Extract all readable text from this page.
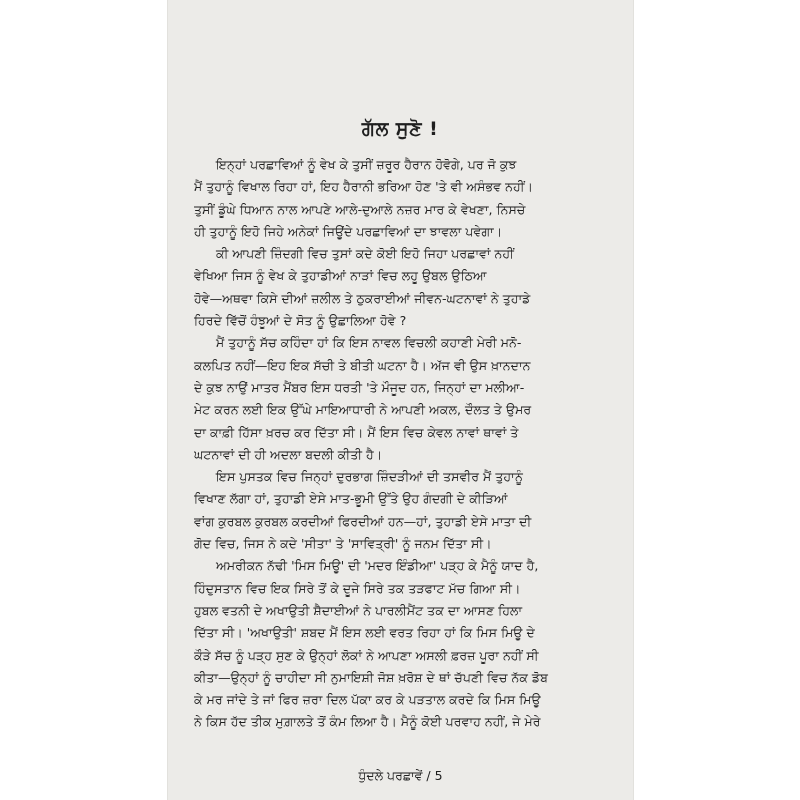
ਗੱਲ ਸੁਣੋ !
ਇਨ੍ਹਾਂ ਪਰਛਾਵਿਆਂ ਨੂੰ ਵੇਖ ਕੇ ਤੁਸੀਂ ਜ਼ਰੂਰ ਹੈਰਾਨ ਹੋਵੋਗੇ, ਪਰ ਜੋ ਕੁਝ
ਮੈਂ ਤੁਹਾਨੂੰ ਵਿਖਾਲ ਰਿਹਾ ਹਾਂ, ਇਹ ਹੈਰਾਨੀ ਭਰਿਆ ਹੋਣ 'ਤੇ ਵੀ ਅਸੰਭਵ ਨਹੀਂ।
ਤੁਸੀਂ ਡੂੰਘੇ ਧਿਆਨ ਨਾਲ ਆਪਣੇ ਆਲੇ-ਦੁਆਲੇ ਨਜ਼ਰ ਮਾਰ ਕੇ ਵੇਖਣਾ, ਨਿਸਚੇ
ਹੀ ਤੁਹਾਨੂੰ ਇਹੋ ਜਿਹੇ ਅਨੇਕਾਂ ਜਿਊਂਦੇ ਪਰਛਾਵਿਆਂ ਦਾ ਝਾਵਲਾ ਪਵੇਗਾ।
ਕੀ ਆਪਣੀ ਜ਼ਿੰਦਗੀ ਵਿਚ ਤੁਸਾਂ ਕਦੇ ਕੋਈ ਇਹੋ ਜਿਹਾ ਪਰਛਾਵਾਂ ਨਹੀਂ
ਵੇਖਿਆ ਜਿਸ ਨੂੰ ਵੇਖ ਕੇ ਤੁਹਾਡੀਆਂ ਨਾੜਾਂ ਵਿਚ ਲਹੂ ਉਬਲ ਉਠਿਆ
ਹੋਵੇ—ਅਥਵਾ ਕਿਸੇ ਦੀਆਂ ਜ਼ਲੀਲ ਤੇ ਠੁਕਰਾਈਆਂ ਜੀਵਨ-ਘਟਨਾਵਾਂ ਨੇ ਤੁਹਾਡੇ
ਹਿਰਦੇ ਵਿੱਚੋਂ ਹੰਝੂਆਂ ਦੇ ਸੋਤ ਨੂੰ ਉਛਾਲਿਆ ਹੋਵੇ ?
ਮੈਂ ਤੁਹਾਨੂੰ ਸੱਚ ਕਹਿੰਦਾ ਹਾਂ ਕਿ ਇਸ ਨਾਵਲ ਵਿਚਲੀ ਕਹਾਣੀ ਮੇਰੀ ਮਨੋ-
ਕਲਪਿਤ ਨਹੀਂ—ਇਹ ਇਕ ਸੱਚੀ ਤੇ ਬੀਤੀ ਘਟਨਾ ਹੈ। ਅੱਜ ਵੀ ਉਸ ਖ਼ਾਨਦਾਨ
ਦੇ ਕੁਝ ਨਾਉਂ ਮਾਤਰ ਮੈਂਬਰ ਇਸ ਧਰਤੀ 'ਤੇ ਮੌਜੂਦ ਹਨ, ਜਿਨ੍ਹਾਂ ਦਾ ਮਲੀਆ-
ਮੇਟ ਕਰਨ ਲਈ ਇਕ ਉੱਘੇ ਮਾਇਆਧਾਰੀ ਨੇ ਆਪਣੀ ਅਕਲ, ਦੌਲਤ ਤੇ ਉਮਰ
ਦਾ ਕਾਫ਼ੀ ਹਿੱਸਾ ਖ਼ਰਚ ਕਰ ਦਿੱਤਾ ਸੀ। ਮੈਂ ਇਸ ਵਿਚ ਕੇਵਲ ਨਾਵਾਂ ਥਾਵਾਂ ਤੇ
ਘਟਨਾਵਾਂ ਦੀ ਹੀ ਅਦਲਾ ਬਦਲੀ ਕੀਤੀ ਹੈ।
ਇਸ ਪੁਸਤਕ ਵਿਚ ਜਿਨ੍ਹਾਂ ਦੁਰਭਾਗ ਜ਼ਿੰਦੜੀਆਂ ਦੀ ਤਸਵੀਰ ਮੈਂ ਤੁਹਾਨੂੰ
ਵਿਖਾਣ ਲੱਗਾ ਹਾਂ, ਤੁਹਾਡੀ ਏਸੇ ਮਾਤ-ਭੂਮੀ ਉੱਤੇ ਉਹ ਗੰਦਗੀ ਦੇ ਕੀੜਿਆਂ
ਵਾਂਗ ਕੁਰਬਲ ਕੁਰਬਲ ਕਰਦੀਆਂ ਫਿਰਦੀਆਂ ਹਨ—ਹਾਂ, ਤੁਹਾਡੀ ਏਸੇ ਮਾਤਾ ਦੀ
ਗੋਦ ਵਿਚ, ਜਿਸ ਨੇ ਕਦੇ 'ਸੀਤਾ' ਤੇ 'ਸਾਵਿਤ੍ਰੀ' ਨੂੰ ਜਨਮ ਦਿੱਤਾ ਸੀ।
ਅਮਰੀਕਨ ਨੱਢੀ 'ਮਿਸ ਮਿਊ' ਦੀ 'ਮਦਰ ਇੰਡੀਆ' ਪੜ੍ਹ ਕੇ ਮੈਨੂੰ ਯਾਦ ਹੈ,
ਹਿੰਦੁਸਤਾਨ ਵਿਚ ਇਕ ਸਿਰੇ ਤੋਂ ਕੇ ਦੂਜੇ ਸਿਰੇ ਤਕ ਤੜਫਾਟ ਮੱਚ ਗਿਆ ਸੀ।
ਹੁਬਲ ਵਤਨੀ ਦੇ ਅਖਾਉਤੀ ਸ਼ੈਦਾਈਆਂ ਨੇ ਪਾਰਲੀਮੈਂਟ ਤਕ ਦਾ ਆਸਣ ਹਿਲਾ
ਦਿੱਤਾ ਸੀ। 'ਅਖਾਉਤੀ' ਸ਼ਬਦ ਮੈਂ ਇਸ ਲਈ ਵਰਤ ਰਿਹਾ ਹਾਂ ਕਿ ਮਿਸ ਮਿਊ ਦੇ
ਕੌੜੇ ਸੱਚ ਨੂੰ ਪੜ੍ਹ ਸੁਣ ਕੇ ਉਨ੍ਹਾਂ ਲੋਕਾਂ ਨੇ ਆਪਣਾ ਅਸਲੀ ਫ਼ਰਜ਼ ਪੂਰਾ ਨਹੀਂ ਸੀ
ਕੀਤਾ—ਉਨ੍ਹਾਂ ਨੂੰ ਚਾਹੀਦਾ ਸੀ ਨੁਮਾਇਸ਼ੀ ਜੋਸ਼ ਖ਼ਰੋਸ਼ ਦੇ ਥਾਂ ਚੱਪਣੀ ਵਿਚ ਨੱਕ ਡੋਬ
ਕੇ ਮਰ ਜਾਂਦੇ ਤੇ ਜਾਂ ਫਿਰ ਜ਼ਰਾ ਦਿਲ ਪੱਕਾ ਕਰ ਕੇ ਪੜਤਾਲ ਕਰਦੇ ਕਿ ਮਿਸ ਮਿਊ
ਨੇ ਕਿਸ ਹੱਦ ਤੀਕ ਮੁਗ਼ਾਲਤੇ ਤੋਂ ਕੰਮ ਲਿਆ ਹੈ। ਮੈਨੂੰ ਕੋਈ ਪਰਵਾਹ ਨਹੀਂ, ਜੇ ਮੇਰੇ
ਧੁੰਦਲੇ ਪਰਛਾਵੇਂ / 5
